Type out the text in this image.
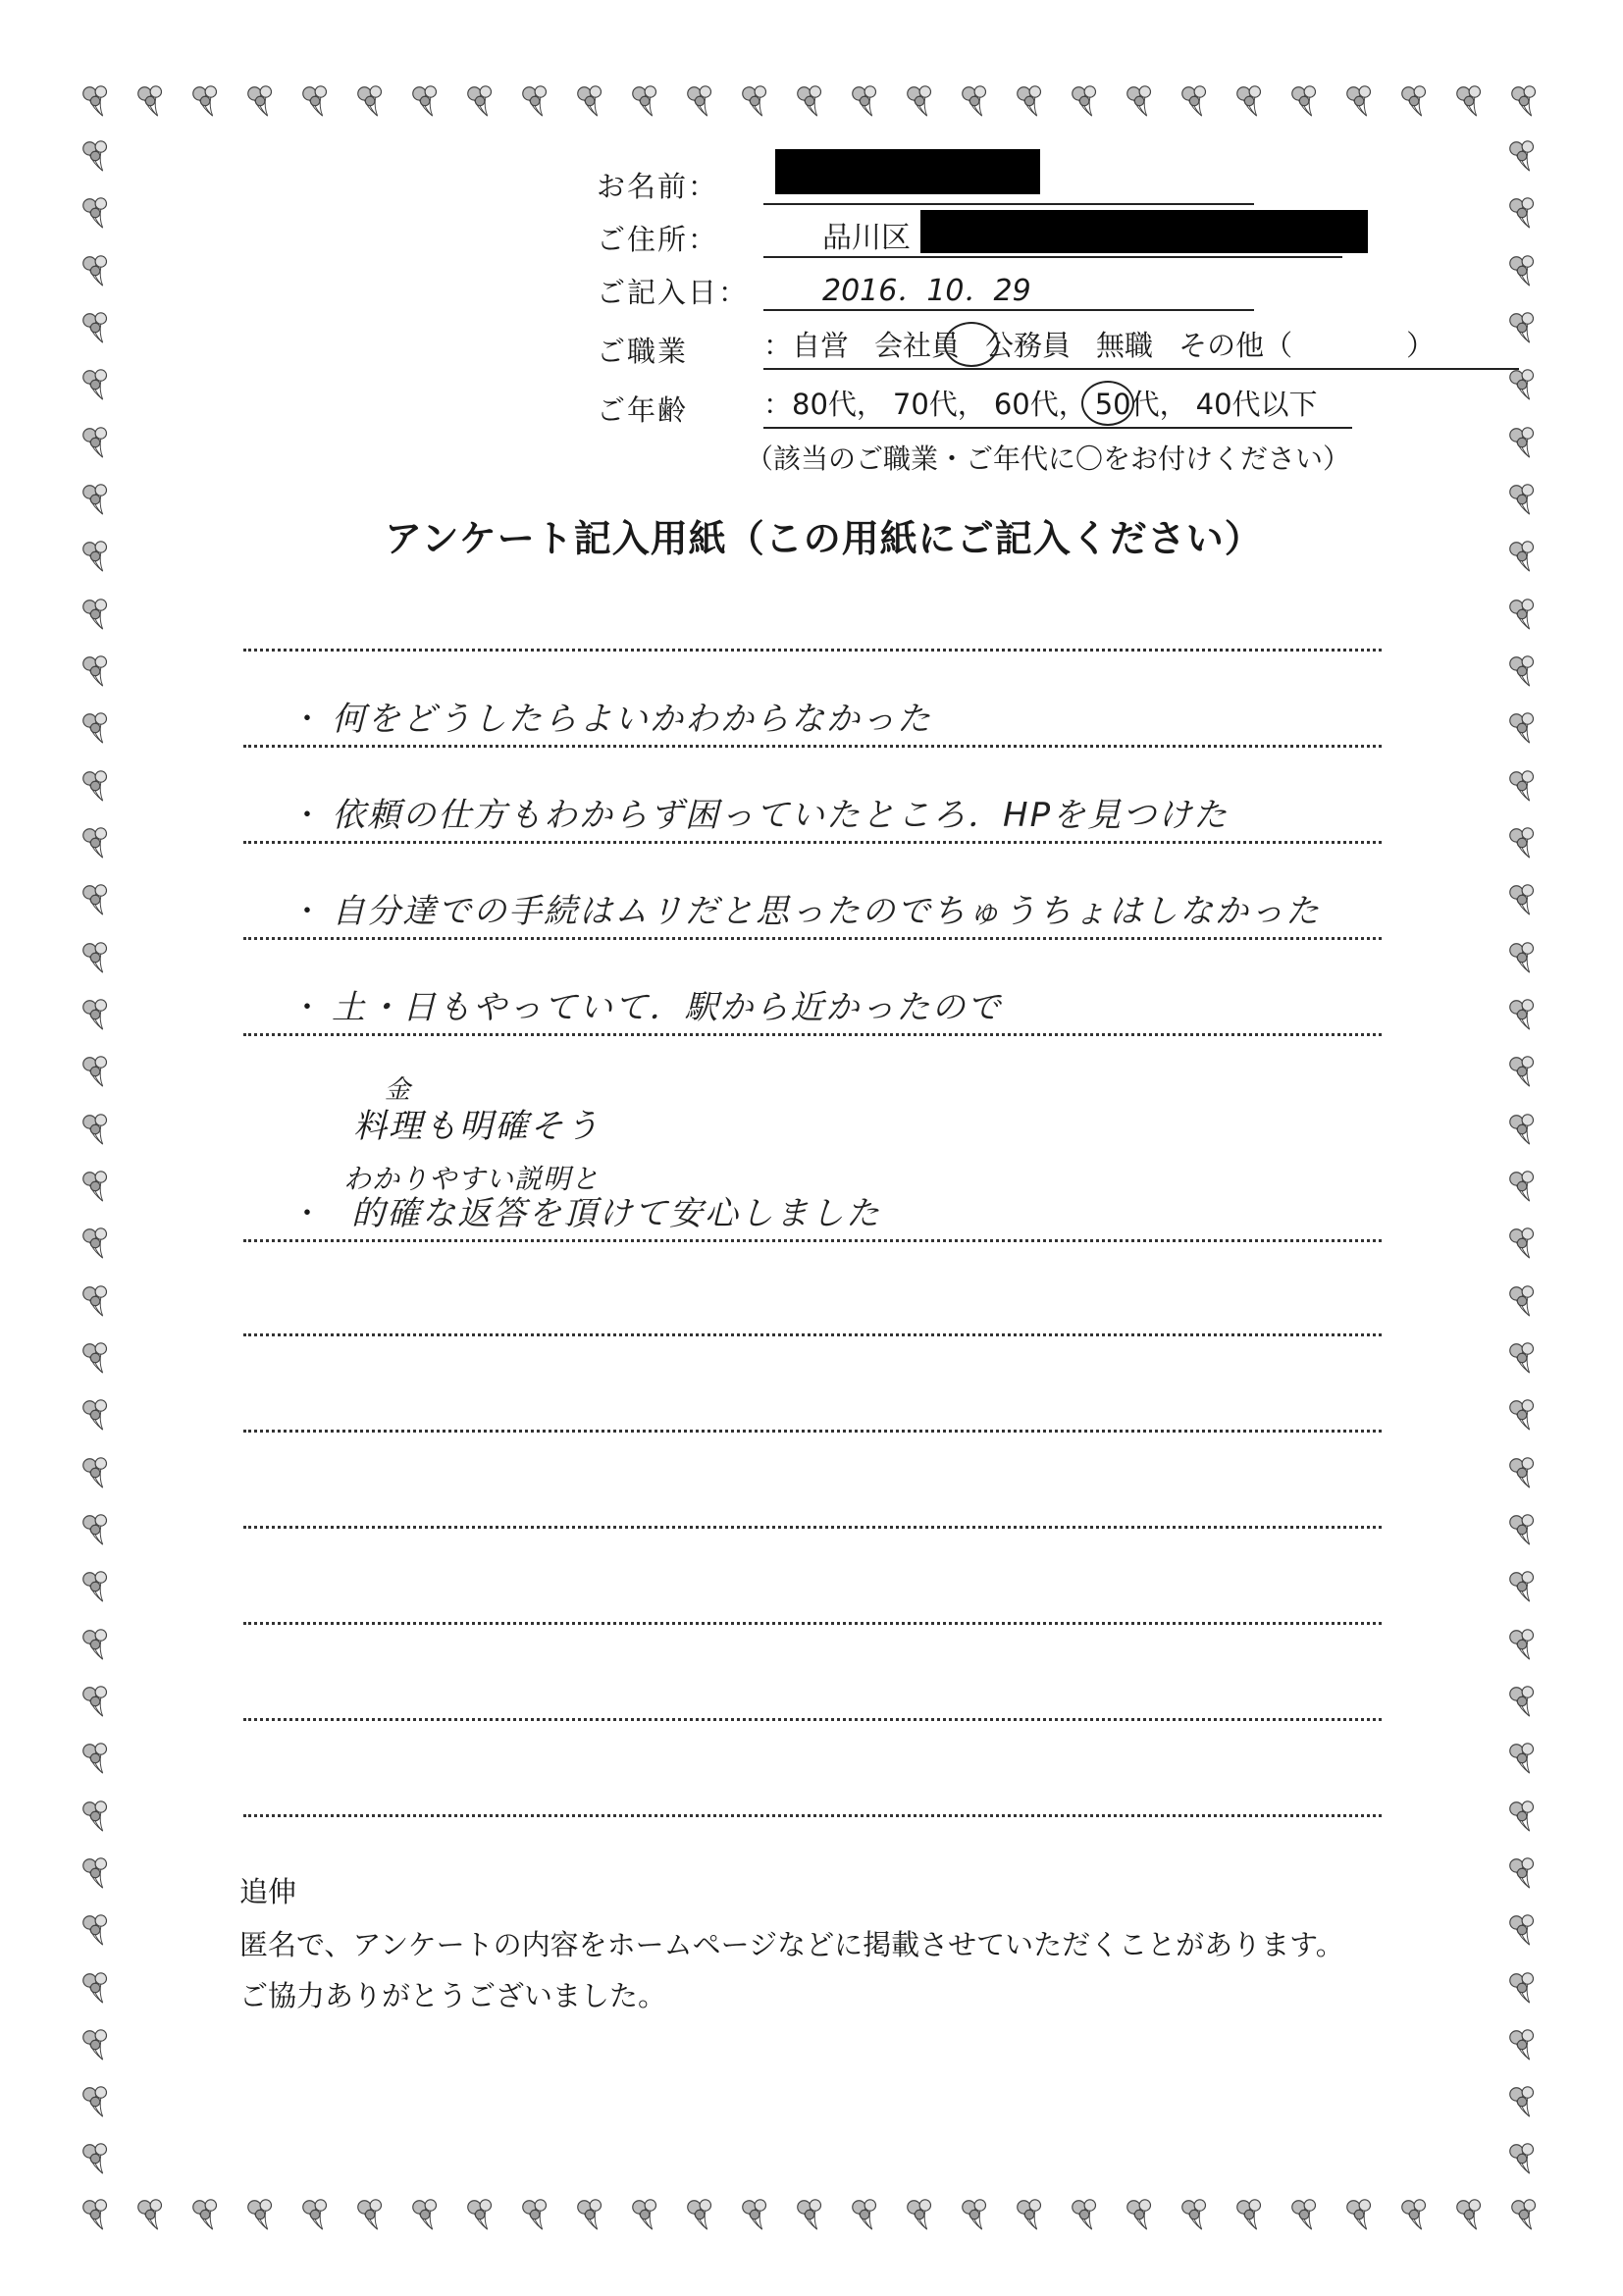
お名前：
ご住所：	品川区
ご記入日：	2016．10．29
ご職業	：自営 会社員 公務員 無職 その他（　　　　）
ご年齢	：80代， 70代， 60代， 50代， 40代以下
（該当のご職業・ご年代に〇をお付けください）
アンケート記入用紙（この用紙にご記入ください）
・ 何をどうしたらよいかわからなかった
・ 依頼の仕方もわからず困っていたところ．HPを見つけた
・ 自分達での手続はムリだと思ったのでちゅうちょはしなかった
・ 土・日もやっていて．駅から近かったので
金
料理も明確そう
わかりやすい説明と
・ 的確な返答を頂けて安心しました
追伸
匿名で、アンケートの内容をホームページなどに掲載させていただくことがあります。
ご協力ありがとうございました。
